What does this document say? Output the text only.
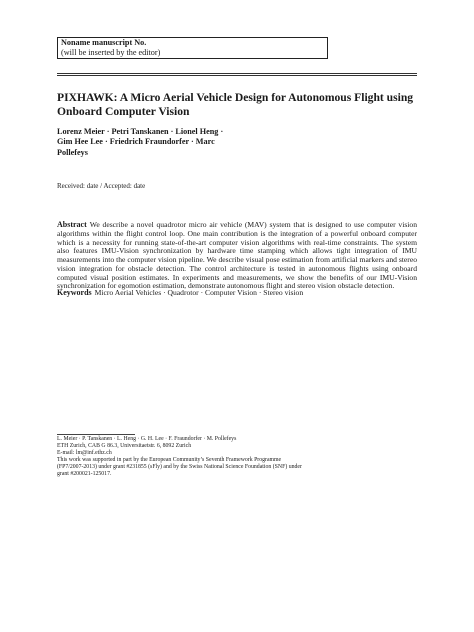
Noname manuscript No.
(will be inserted by the editor)
PIXHAWK: A Micro Aerial Vehicle Design for Autonomous Flight using Onboard Computer Vision

Lorenz Meier · Petri Tanskanen · Lionel Heng · Gim Hee Lee · Friedrich Fraundorfer · Marc Pollefeys

Received: date / Accepted: date

Abstract We describe a novel quadrotor micro air vehicle (MAV) system that is designed to use computer vision algorithms within the flight control loop. One main contribution is the integration of a powerful onboard computer which is a necessity for running state-of-the-art computer vision algorithms with real-time constraints. The system also features IMU-Vision synchronization by hardware time stamping which allows tight integration of IMU measurements into the computer vision pipeline. We describe visual pose estimation from artificial markers and stereo vision integration for obstacle detection. The control architecture is tested in autonomous flights using onboard computed visual position estimates. In experiments and measurements, we show the benefits of our IMU-Vision synchronization for egomotion estimation, demonstrate autonomous flight and stereo vision obstacle detection.

Keywords Micro Aerial Vehicles · Quadrotor · Computer Vision · Stereo vision

L. Meier · P. Tanskanen · L. Heng · G. H. Lee · F. Fraundorfer · M. Pollefeys
ETH Zurich, CAB G 86.3, Universitaetstr. 6, 8092 Zurich
E-mail: lm@inf.ethz.ch
This work was supported in part by the European Community’s Seventh Framework Programme (FP7/2007-2013) under grant #231855 (sFly) and by the Swiss National Science Foundation (SNF) under grant #200021-125017.
